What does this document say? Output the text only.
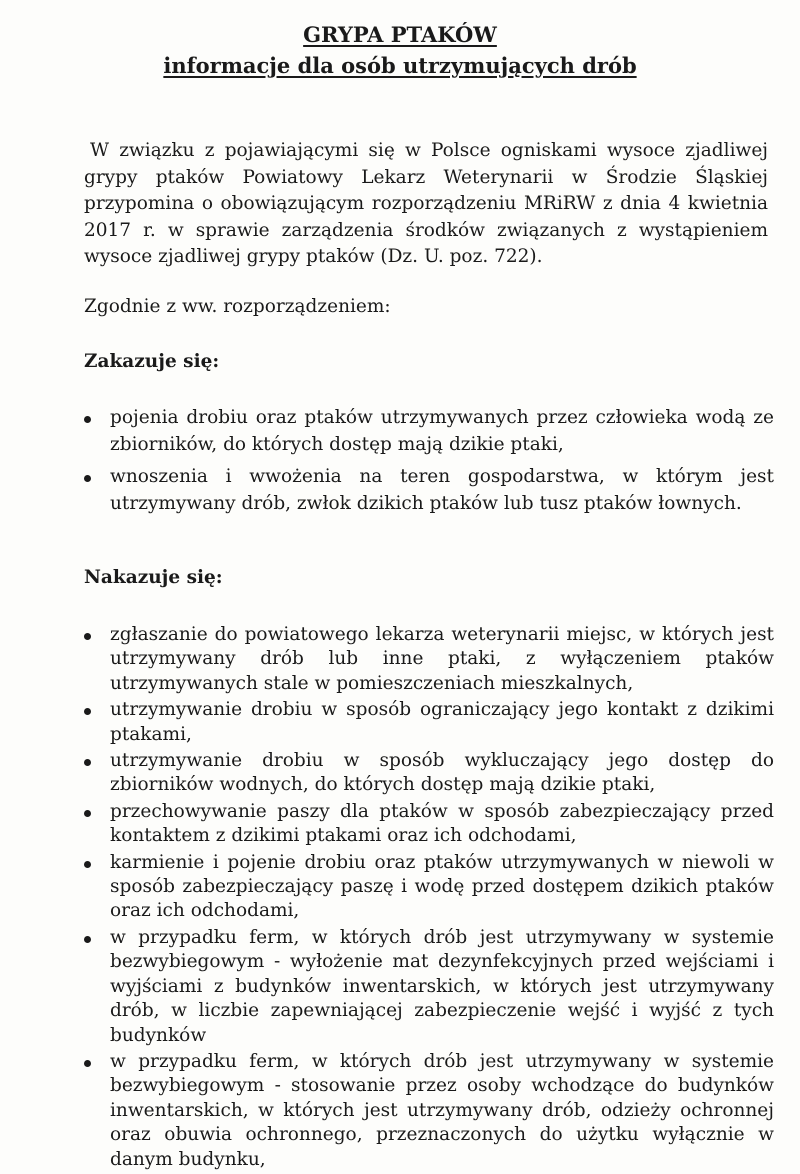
GRYPA PTAKÓW
informacje dla osób utrzymujących drób
W związku z pojawiającymi się w Polsce ogniskami wysoce zjadliwej grypy ptaków Powiatowy Lekarz Weterynarii w Środzie Śląskiej przypomina o obowiązującym rozporządzeniu MRiRW z dnia 4 kwietnia 2017 r. w sprawie zarządzenia środków związanych z wystąpieniem wysoce zjadliwej grypy ptaków (Dz. U. poz. 722).
Zgodnie z ww. rozporządzeniem:
Zakazuje się:
pojenia drobiu oraz ptaków utrzymywanych przez człowieka wodą ze zbiorników, do których dostęp mają dzikie ptaki,
wnoszenia i wwożenia na teren gospodarstwa, w którym jest utrzymywany drób, zwłok dzikich ptaków lub tusz ptaków łownych.
Nakazuje się:
zgłaszanie do powiatowego lekarza weterynarii miejsc, w których jest utrzymywany drób lub inne ptaki, z wyłączeniem ptaków utrzymywanych stale w pomieszczeniach mieszkalnych,
utrzymywanie drobiu w sposób ograniczający jego kontakt z dzikimi ptakami,
utrzymywanie drobiu w sposób wykluczający jego dostęp do zbiorników wodnych, do których dostęp mają dzikie ptaki,
przechowywanie paszy dla ptaków w sposób zabezpieczający przed kontaktem z dzikimi ptakami oraz ich odchodami,
karmienie i pojenie drobiu oraz ptaków utrzymywanych w niewoli w sposób zabezpieczający paszę i wodę przed dostępem dzikich ptaków oraz ich odchodami,
w przypadku ferm, w których drób jest utrzymywany w systemie bezwybiegowym - wyłożenie mat dezynfekcyjnych przed wejściami i wyjściami z budynków inwentarskich, w których jest utrzymywany drób, w liczbie zapewniającej zabezpieczenie wejść i wyjść z tych budynków
w przypadku ferm, w których drób jest utrzymywany w systemie bezwybiegowym - stosowanie przez osoby wchodzące do budynków inwentarskich, w których jest utrzymywany drób, odzieży ochronnej oraz obuwia ochronnego, przeznaczonych do użytku wyłącznie w danym budynku,
